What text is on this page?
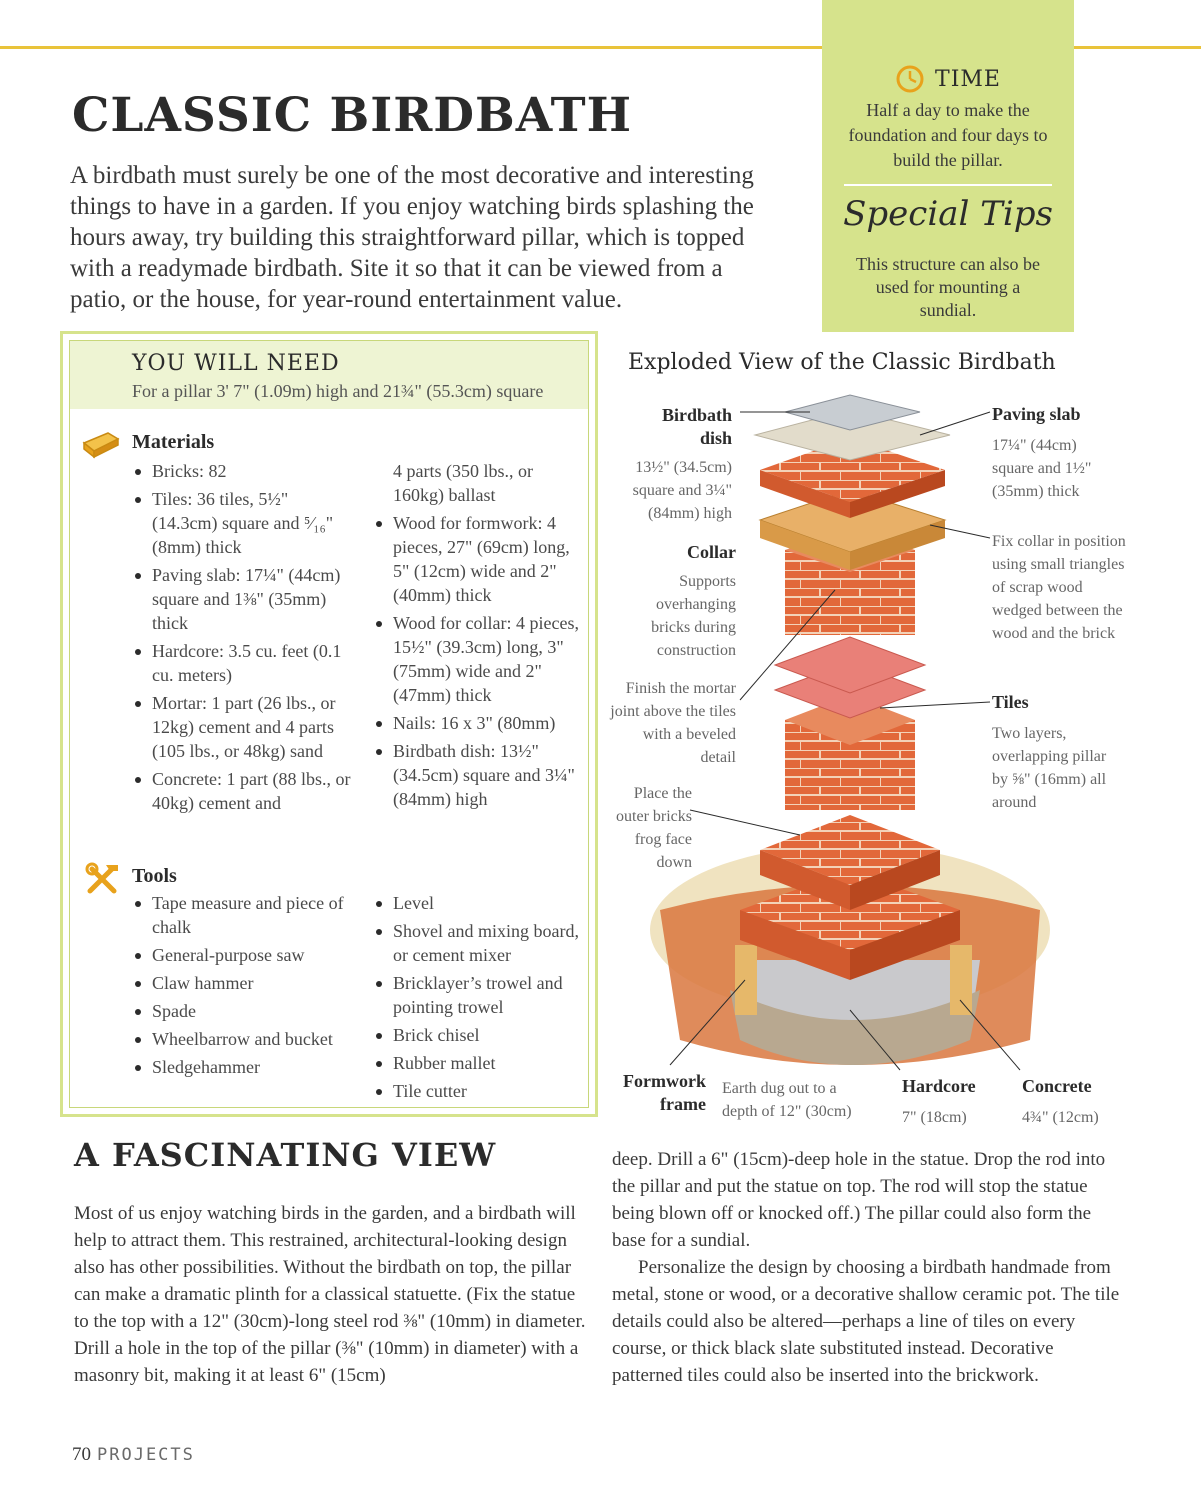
CLASSIC BIRDBATH

A birdbath must surely be one of the most decorative and interesting things to have in a garden. If you enjoy watching birds splashing the hours away, try building this straightforward pillar, which is topped with a readymade birdbath. Site it so that it can be viewed from a patio, or the house, for year-round entertainment value.

TIME

Half a day to make the foundation and four days to build the pillar.

Special Tips

This structure can also be used for mounting a sundial.

YOU WILL NEED
For a pillar 3' 7" (1.09m) high and 21¾" (55.3cm) square
Materials
Bricks: 82
Tiles: 36 tiles, 5½" (14.3cm) square and ⁵⁄₁₆" (8mm) thick
Paving slab: 17¼" (44cm) square and 1⅜" (35mm) thick
Hardcore: 3.5 cu. feet (0.1 cu. meters)
Mortar: 1 part (26 lbs., or 12kg) cement and 4 parts (105 lbs., or 48kg) sand
Concrete: 1 part (88 lbs., or 40kg) cement and
4 parts (350 lbs., or 160kg) ballast
Wood for formwork: 4 pieces, 27" (69cm) long, 5" (12cm) wide and 2" (40mm) thick
Wood for collar: 4 pieces, 15½" (39.3cm) long, 3" (75mm) wide and 2" (47mm) thick
Nails: 16 x 3" (80mm)
Birdbath dish: 13½" (34.5cm) square and 3¼" (84mm) high
Tools
Tape measure and piece of chalk
General-purpose saw
Claw hammer
Spade
Wheelbarrow and bucket
Sledgehammer
Level
Shovel and mixing board, or cement mixer
Bricklayer’s trowel and pointing trowel
Brick chisel
Rubber mallet
Tile cutter
Exploded View of the Classic Birdbath
Birdbath dish
13½" (34.5cm) square and 3¼" (84mm) high
Paving slab
17¼" (44cm) square and 1½" (35mm) thick
Collar
Supports overhanging bricks during construction
Fix collar in position using small triangles of scrap wood wedged between the wood and the brick
Finish the mortar joint above the tiles with a beveled detail
Tiles
Two layers, overlapping pillar by ⅝" (16mm) all around
Place the outer bricks frog face down
Formwork frame
Earth dug out to a depth of 12" (30cm)
Hardcore
7" (18cm)
Concrete
4¾" (12cm)
A FASCINATING VIEW

Most of us enjoy watching birds in the garden, and a birdbath will help to attract them. This restrained, architectural-looking design also has other possibilities. Without the birdbath on top, the pillar can make a dramatic plinth for a classical statuette. (Fix the statue to the top with a 12" (30cm)-long steel rod ⅜" (10mm) in diameter. Drill a hole in the top of the pillar (⅜" (10mm) in diameter) with a masonry bit, making it at least 6" (15cm)

deep. Drill a 6" (15cm)-deep hole in the statue. Drop the rod into the pillar and put the statue on top. The rod will stop the statue being blown off or knocked off.) The pillar could also form the base for a sundial.

Personalize the design by choosing a birdbath handmade from metal, stone or wood, or a decorative shallow ceramic pot. The tile details could also be altered—perhaps a line of tiles on every course, or thick black slate substituted instead. Decorative patterned tiles could also be inserted into the brickwork.

70 PROJECTS
